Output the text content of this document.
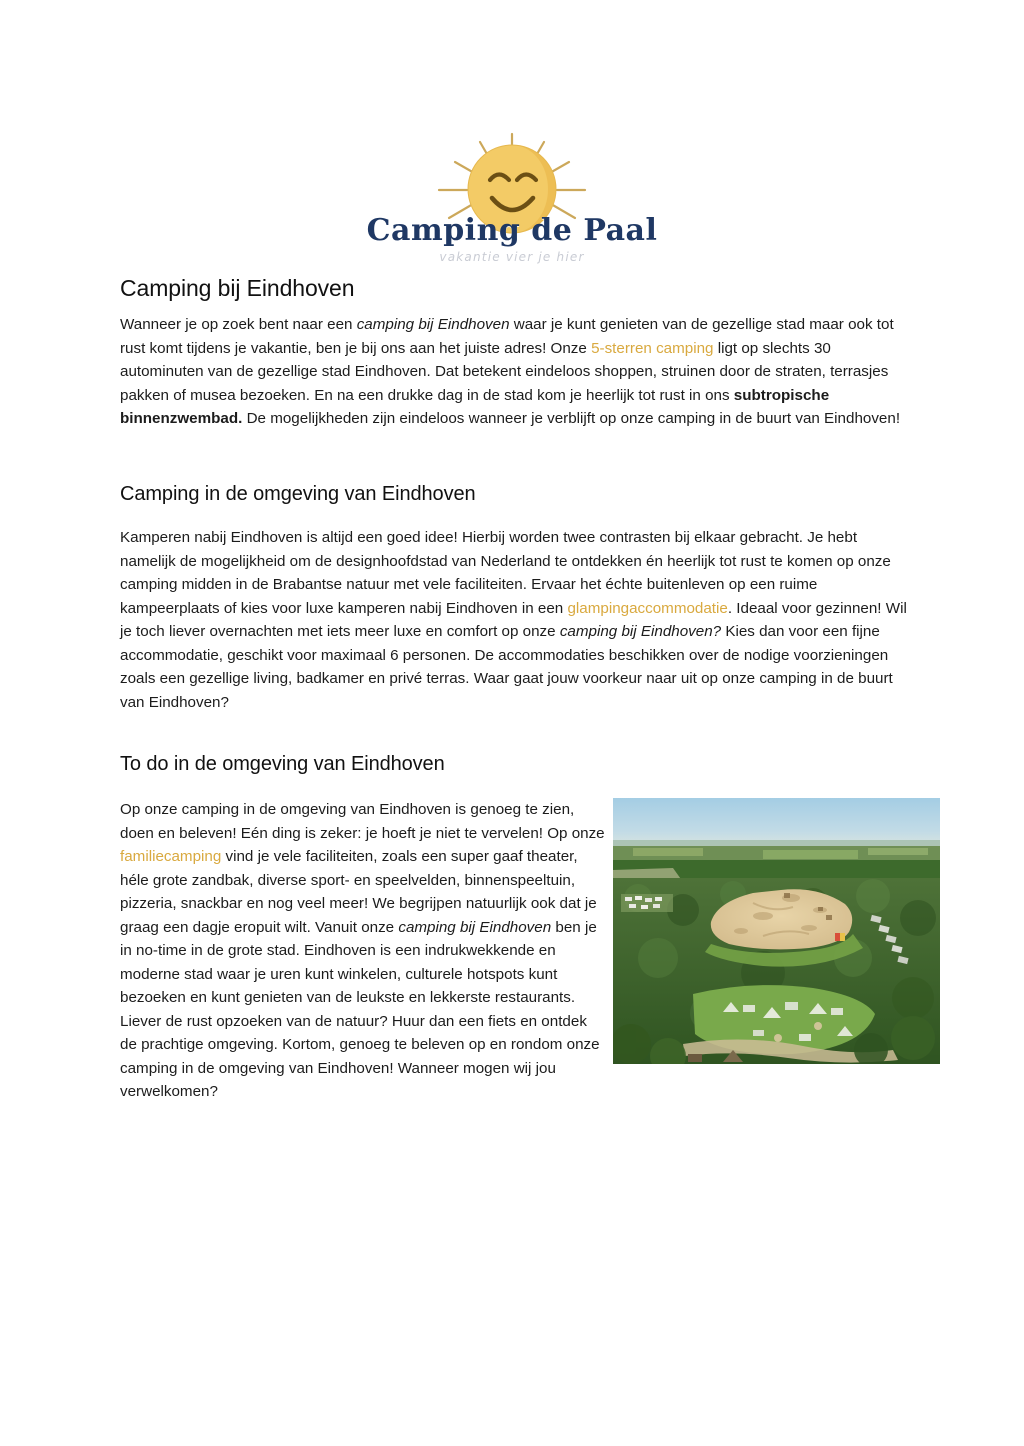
Camping de Paal
vakantie vier je hier
Camping bij Eindhoven

Wanneer je op zoek bent naar een camping bij Eindhoven waar je kunt genieten van de gezellige stad maar ook tot rust komt tijdens je vakantie, ben je bij ons aan het juiste adres! Onze 5-sterren camping ligt op slechts 30 autominuten van de gezellige stad Eindhoven. Dat betekent eindeloos shoppen, struinen door de straten, terrasjes pakken of musea bezoeken. En na een drukke dag in de stad kom je heerlijk tot rust in ons subtropische binnenzwembad. De mogelijkheden zijn eindeloos wanneer je verblijft op onze camping in de buurt van Eindhoven!

Camping in de omgeving van Eindhoven

Kamperen nabij Eindhoven is altijd een goed idee! Hierbij worden twee contrasten bij elkaar gebracht. Je hebt namelijk de mogelijkheid om de designhoofdstad van Nederland te ontdekken én heerlijk tot rust te komen op onze camping midden in de Brabantse natuur met vele faciliteiten. Ervaar het échte buitenleven op een ruime kampeerplaats of kies voor luxe kamperen nabij Eindhoven in een glampingaccommodatie. Ideaal voor gezinnen! Wil je toch liever overnachten met iets meer luxe en comfort op onze camping bij Eindhoven? Kies dan voor een fijne accommodatie, geschikt voor maximaal 6 personen. De accommodaties beschikken over de nodige voorzieningen zoals een gezellige living, badkamer en privé terras. Waar gaat jouw voorkeur naar uit op onze camping in de buurt van Eindhoven?

To do in de omgeving van Eindhoven

Op onze camping in de omgeving van Eindhoven is genoeg te zien, doen en beleven! Eén ding is zeker: je hoeft je niet te vervelen! Op onze familiecamping vind je vele faciliteiten, zoals een super gaaf theater, héle grote zandbak, diverse sport- en speelvelden, binnenspeeltuin, pizzeria, snackbar en nog veel meer! We begrijpen natuurlijk ook dat je graag een dagje eropuit wilt. Vanuit onze camping bij Eindhoven ben je in no-time in de grote stad. Eindhoven is een indrukwekkende en moderne stad waar je uren kunt winkelen, culturele hotspots kunt bezoeken en kunt genieten van de leukste en lekkerste restaurants. Liever de rust opzoeken van de natuur? Huur dan een fiets en ontdek de prachtige omgeving. Kortom, genoeg te beleven op en rondom onze camping in de omgeving van Eindhoven! Wanneer mogen wij jou verwelkomen?
